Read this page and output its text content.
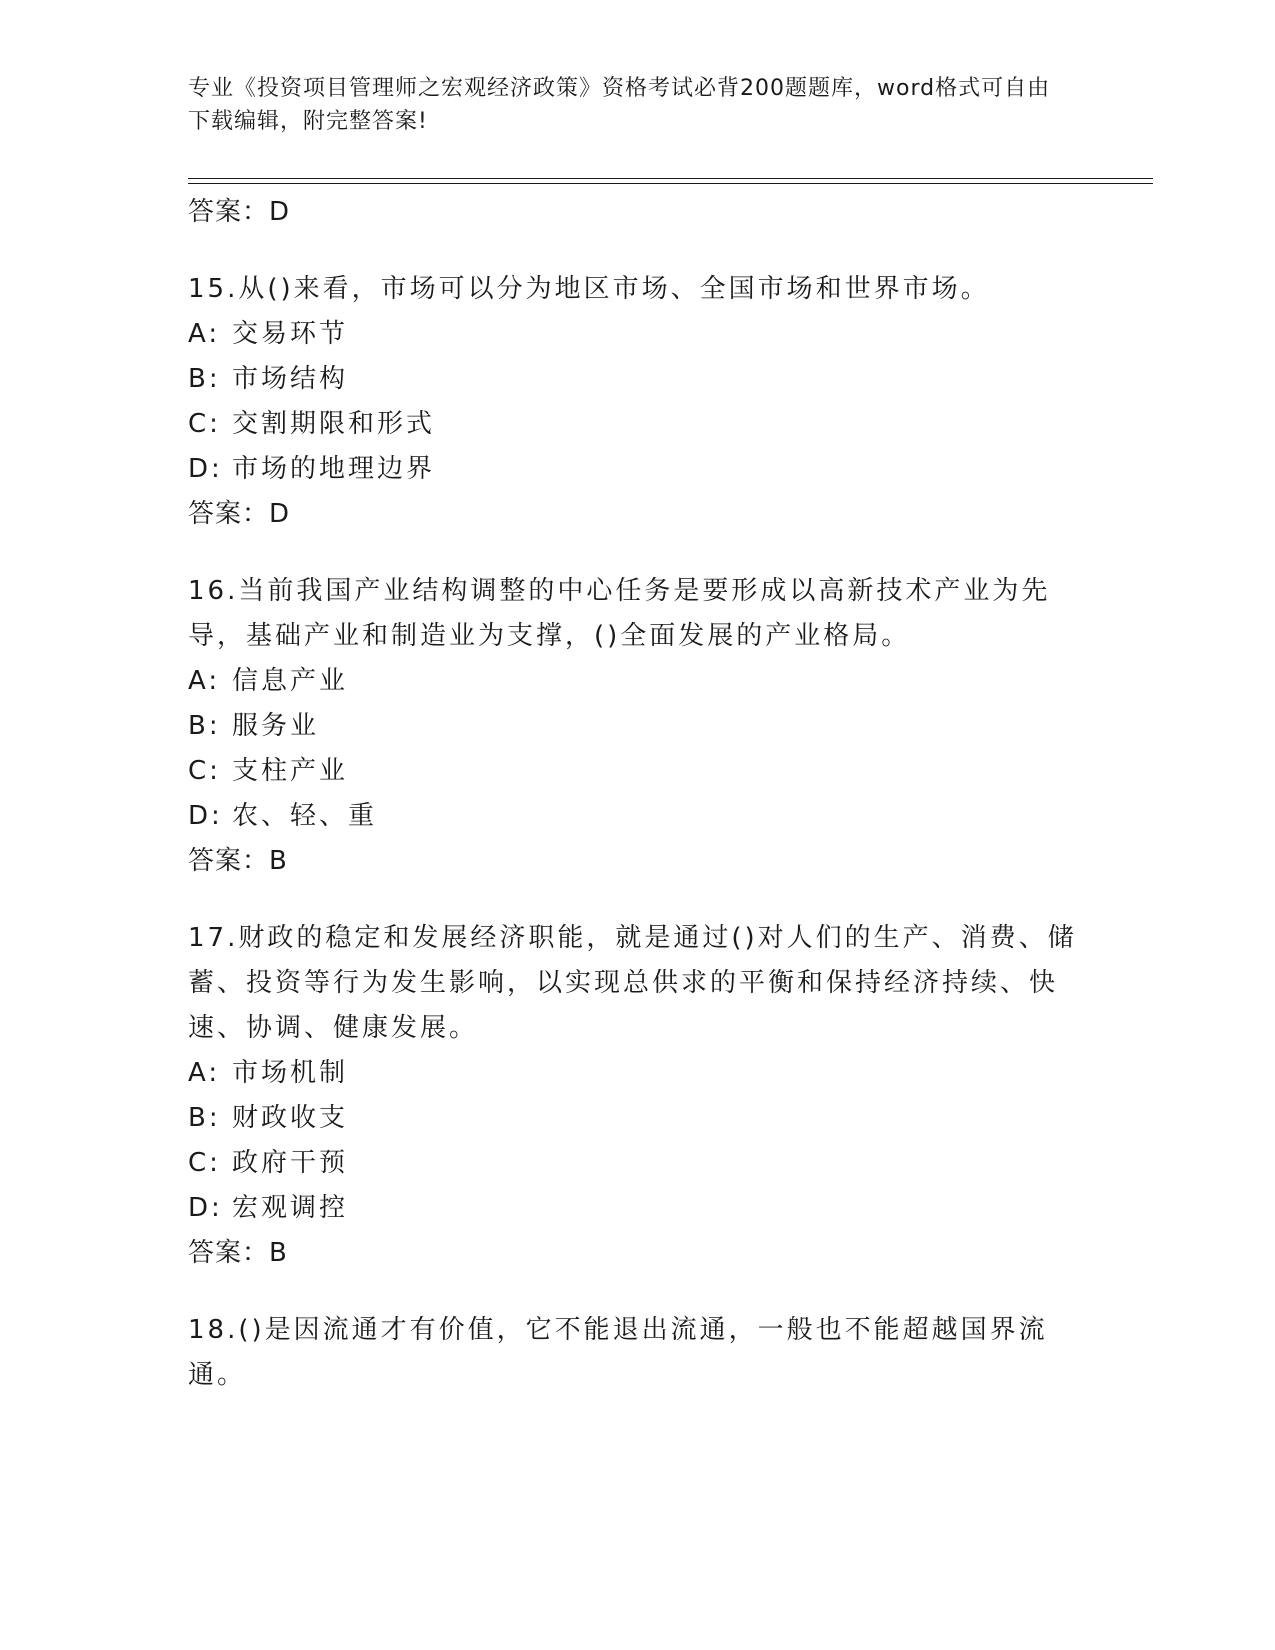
专业《投资项目管理师之宏观经济政策》资格考试必背200题题库，word格式可自由下载编辑，附完整答案!
答案：D

15.从()来看，市场可以分为地区市场、全国市场和世界市场。

A: 交易环节
B: 市场结构
C: 交割期限和形式
D: 市场的地理边界
答案：D

16.当前我国产业结构调整的中心任务是要形成以高新技术产业为先导，基础产业和制造业为支撑，()全面发展的产业格局。

A: 信息产业
B: 服务业
C: 支柱产业
D: 农、轻、重
答案：B

17.财政的稳定和发展经济职能，就是通过()对人们的生产、消费、储蓄、投资等行为发生影响，以实现总供求的平衡和保持经济持续、快速、协调、健康发展。

A: 市场机制
B: 财政收支
C: 政府干预
D: 宏观调控
答案：B

18.()是因流通才有价值，它不能退出流通，一般也不能超越国界流通。
